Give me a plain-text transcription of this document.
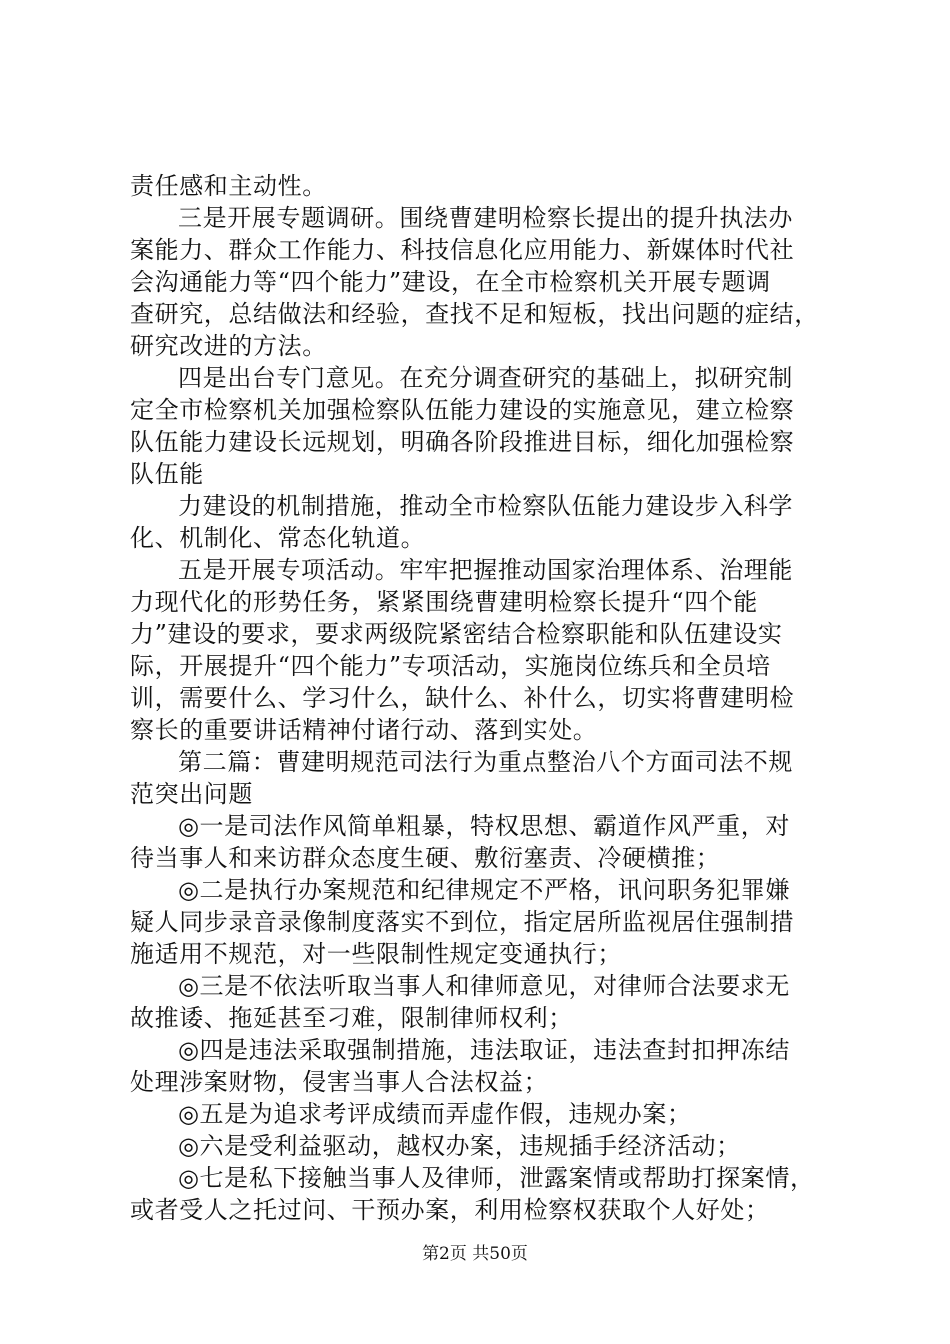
责任感和主动性。
三是开展专题调研。围绕曹建明检察长提出的提升执法办
案能力、群众工作能力、科技信息化应用能力、新媒体时代社
会沟通能力等“四个能力”建设，在全市检察机关开展专题调
查研究，总结做法和经验，查找不足和短板，找出问题的症结，
研究改进的方法。
四是出台专门意见。在充分调查研究的基础上，拟研究制
定全市检察机关加强检察队伍能力建设的实施意见，建立检察
队伍能力建设长远规划，明确各阶段推进目标，细化加强检察
队伍能
力建设的机制措施，推动全市检察队伍能力建设步入科学
化、机制化、常态化轨道。
五是开展专项活动。牢牢把握推动国家治理体系、治理能
力现代化的形势任务，紧紧围绕曹建明检察长提升“四个能
力”建设的要求，要求两级院紧密结合检察职能和队伍建设实
际，开展提升“四个能力”专项活动，实施岗位练兵和全员培
训，需要什么、学习什么，缺什么、补什么，切实将曹建明检
察长的重要讲话精神付诸行动、落到实处。
第二篇：曹建明规范司法行为重点整治八个方面司法不规
范突出问题
◎一是司法作风简单粗暴，特权思想、霸道作风严重，对
待当事人和来访群众态度生硬、敷衍塞责、冷硬横推；
◎二是执行办案规范和纪律规定不严格，讯问职务犯罪嫌
疑人同步录音录像制度落实不到位，指定居所监视居住强制措
施适用不规范，对一些限制性规定变通执行；
◎三是不依法听取当事人和律师意见，对律师合法要求无
故推诿、拖延甚至刁难，限制律师权利；
◎四是违法采取强制措施，违法取证，违法查封扣押冻结
处理涉案财物，侵害当事人合法权益；
◎五是为追求考评成绩而弄虚作假，违规办案；
◎六是受利益驱动，越权办案，违规插手经济活动；
◎七是私下接触当事人及律师，泄露案情或帮助打探案情，
或者受人之托过问、干预办案，利用检察权获取个人好处；
第2页 共50页
